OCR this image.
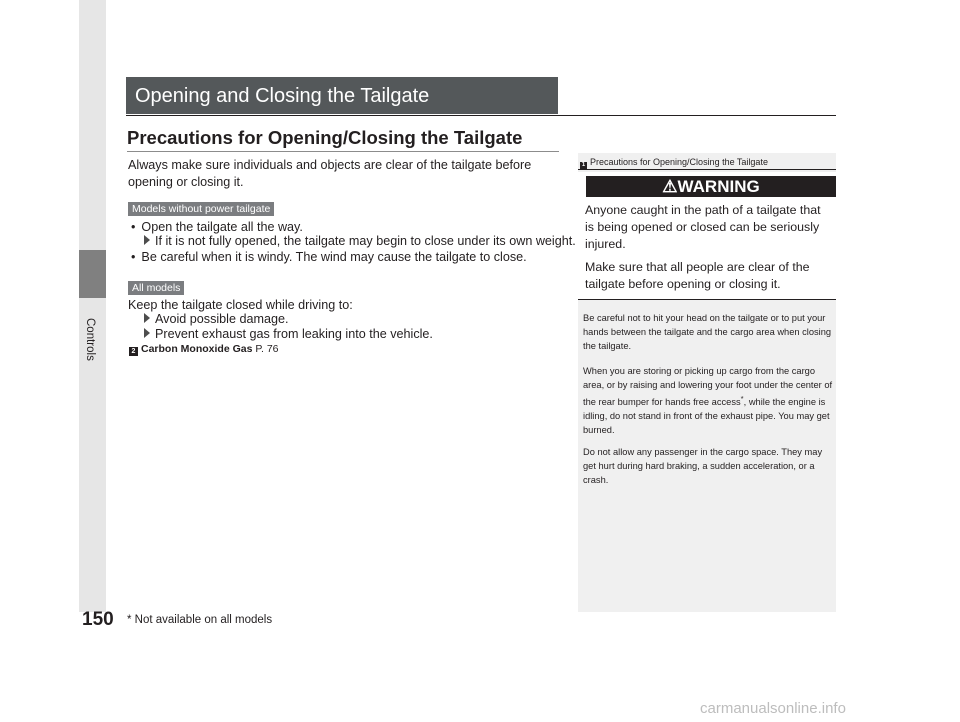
Controls
150
Opening and Closing the Tailgate
Precautions for Opening/Closing the Tailgate
Always make sure individuals and objects are clear of the tailgate before opening or closing it.
Models without power tailgate
• Open the tailgate all the way.
If it is not fully opened, the tailgate may begin to close under its own weight.
• Be careful when it is windy. The wind may cause the tailgate to close.
All models
Keep the tailgate closed while driving to:
Avoid possible damage.
Prevent exhaust gas from leaking into the vehicle.
2 Carbon Monoxide Gas P. 76
1 Precautions for Opening/Closing the Tailgate
⚠WARNING
Anyone caught in the path of a tailgate that is being opened or closed can be seriously injured.
Make sure that all people are clear of the tailgate before opening or closing it.
Be careful not to hit your head on the tailgate or to put your hands between the tailgate and the cargo area when closing the tailgate.
When you are storing or picking up cargo from the cargo area, or by raising and lowering your foot under the center of the rear bumper for hands free access*, while the engine is idling, do not stand in front of the exhaust pipe. You may get burned.
Do not allow any passenger in the cargo space. They may get hurt during hard braking, a sudden acceleration, or a crash.
* Not available on all models
carmanualsonline.info
